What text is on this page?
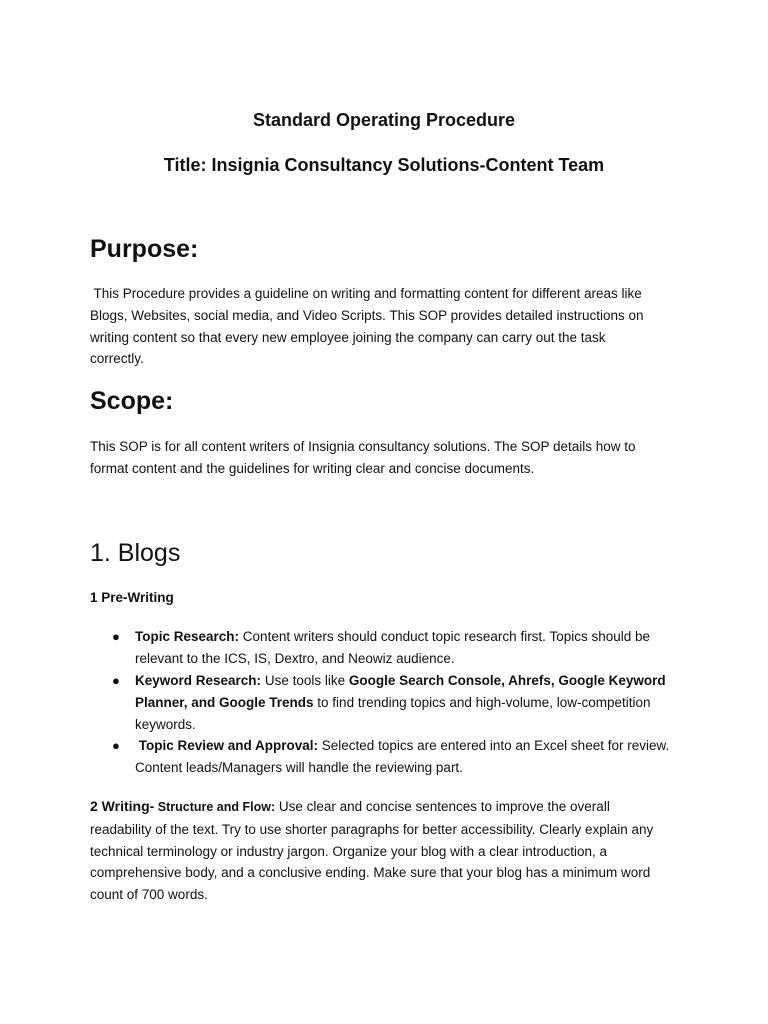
Standard Operating Procedure
Title: Insignia Consultancy Solutions-Content Team
Purpose:
This Procedure provides a guideline on writing and formatting content for different areas like
Blogs, Websites, social media, and Video Scripts. This SOP provides detailed instructions on
writing content so that every new employee joining the company can carry out the task
correctly.
Scope:
This SOP is for all content writers of Insignia consultancy solutions. The SOP details how to
format content and the guidelines for writing clear and concise documents.
1. Blogs
1 Pre-Writing
● Topic Research: Content writers should conduct topic research first. Topics should be
relevant to the ICS, IS, Dextro, and Neowiz audience.
● Keyword Research: Use tools like Google Search Console, Ahrefs, Google Keyword
Planner, and Google Trends to find trending topics and high-volume, low-competition
keywords.
● Topic Review and Approval: Selected topics are entered into an Excel sheet for review.
Content leads/Managers will handle the reviewing part.
2 Writing- Structure and Flow: Use clear and concise sentences to improve the overall
readability of the text. Try to use shorter paragraphs for better accessibility. Clearly explain any
technical terminology or industry jargon. Organize your blog with a clear introduction, a
comprehensive body, and a conclusive ending. Make sure that your blog has a minimum word
count of 700 words.
